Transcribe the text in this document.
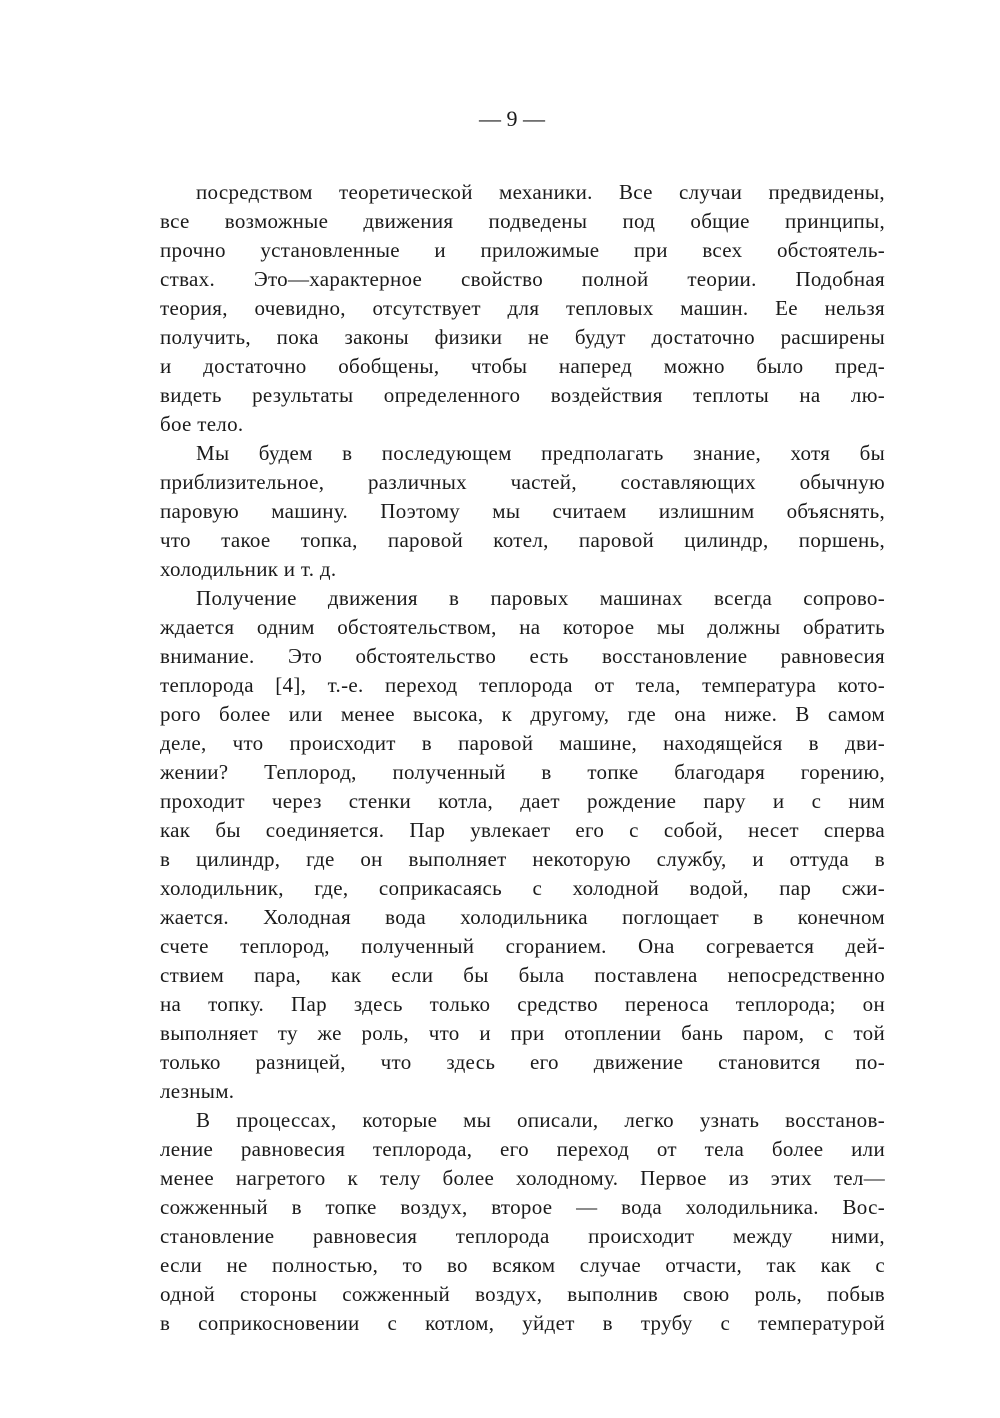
— 9 —
посредством теоретической механики. Все случаи предвидены,
все возможные движения подведены под общие принципы,
прочно установленные и приложимые при всех обстоятель-
ствах. Это—характерное свойство полной теории. Подобная
теория, очевидно, отсутствует для тепловых машин. Ее нельзя
получить, пока законы физики не будут достаточно расширены
и достаточно обобщены, чтобы наперед можно было пред-
видеть результаты определенного воздействия теплоты на лю-
бое тело.
Мы будем в последующем предполагать знание, хотя бы
приблизительное, различных частей, составляющих обычную
паровую машину. Поэтому мы считаем излишним объяснять,
что такое топка, паровой котел, паровой цилиндр, поршень,
холодильник и т. д.
Получение движения в паровых машинах всегда сопрово-
ждается одним обстоятельством, на которое мы должны обратить
внимание. Это обстоятельство есть восстановление равновесия
теплорода [4], т.-е. переход теплорода от тела, температура кото-
рого более или менее высока, к другому, где она ниже. В самом
деле, что происходит в паровой машине, находящейся в дви-
жении? Теплород, полученный в топке благодаря горению,
проходит через стенки котла, дает рождение пару и с ним
как бы соединяется. Пар увлекает его с собой, несет сперва
в цилиндр, где он выполняет некоторую службу, и оттуда в
холодильник, где, соприкасаясь с холодной водой, пар сжи-
жается. Холодная вода холодильника поглощает в конечном
счете теплород, полученный сгоранием. Она согревается дей-
ствием пара, как если бы была поставлена непосредственно
на топку. Пар здесь только средство переноса теплорода; он
выполняет ту же роль, что и при отоплении бань паром, с той
только разницей, что здесь его движение становится по-
лезным.
В процессах, которые мы описали, легко узнать восстанов-
ление равновесия теплорода, его переход от тела более или
менее нагретого к телу более холодному. Первое из этих тел—
сожженный в топке воздух, второе — вода холодильника. Вос-
становление равновесия теплорода происходит между ними,
если не полностью, то во всяком случае отчасти, так как с
одной стороны сожженный воздух, выполнив свою роль, побыв
в соприкосновении с котлом, уйдет в трубу с температурой
